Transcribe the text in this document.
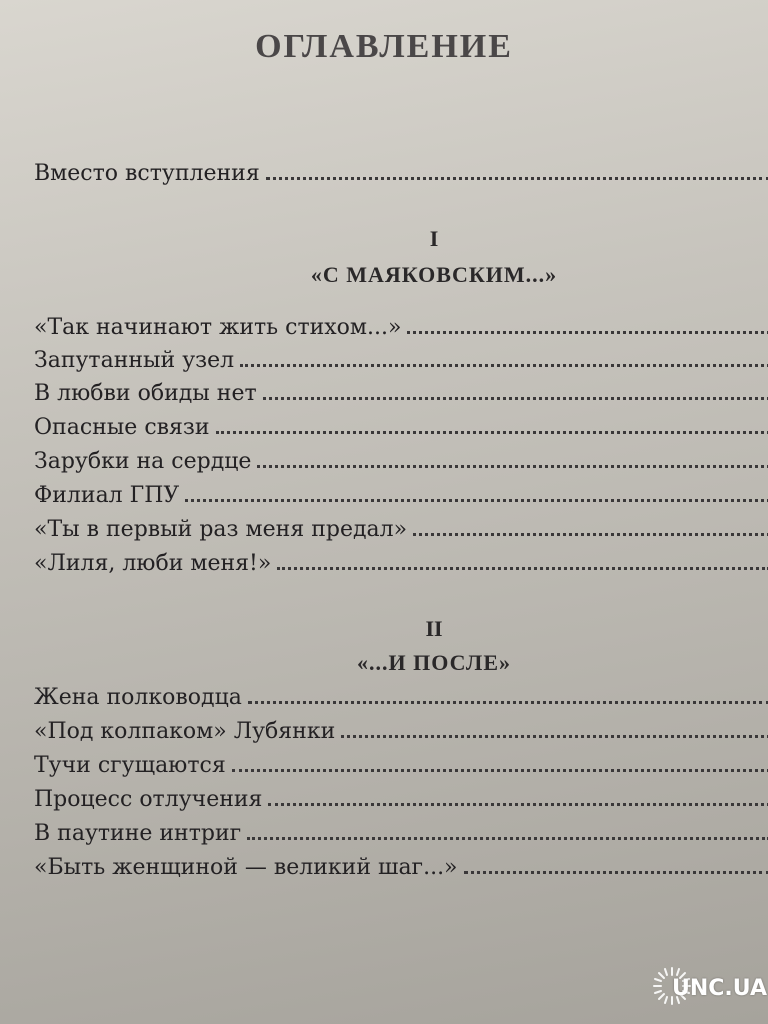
ОГЛАВЛЕНИЕ
Вместо вступления
I
«С МАЯКОВСКИМ...»
«Так начинают жить стихом...»
Запутанный узел
В любви обиды нет
Опасные связи
Зарубки на сердце
Филиал ГПУ
«Ты в первый раз меня предал»
«Лиля, люби меня!»
II
«...И ПОСЛЕ»
Жена полководца
«Под колпаком» Лубянки
Тучи сгущаются
Процесс отлучения
В паутине интриг
«Быть женщиной — великий шаг...»
UNC.UA
